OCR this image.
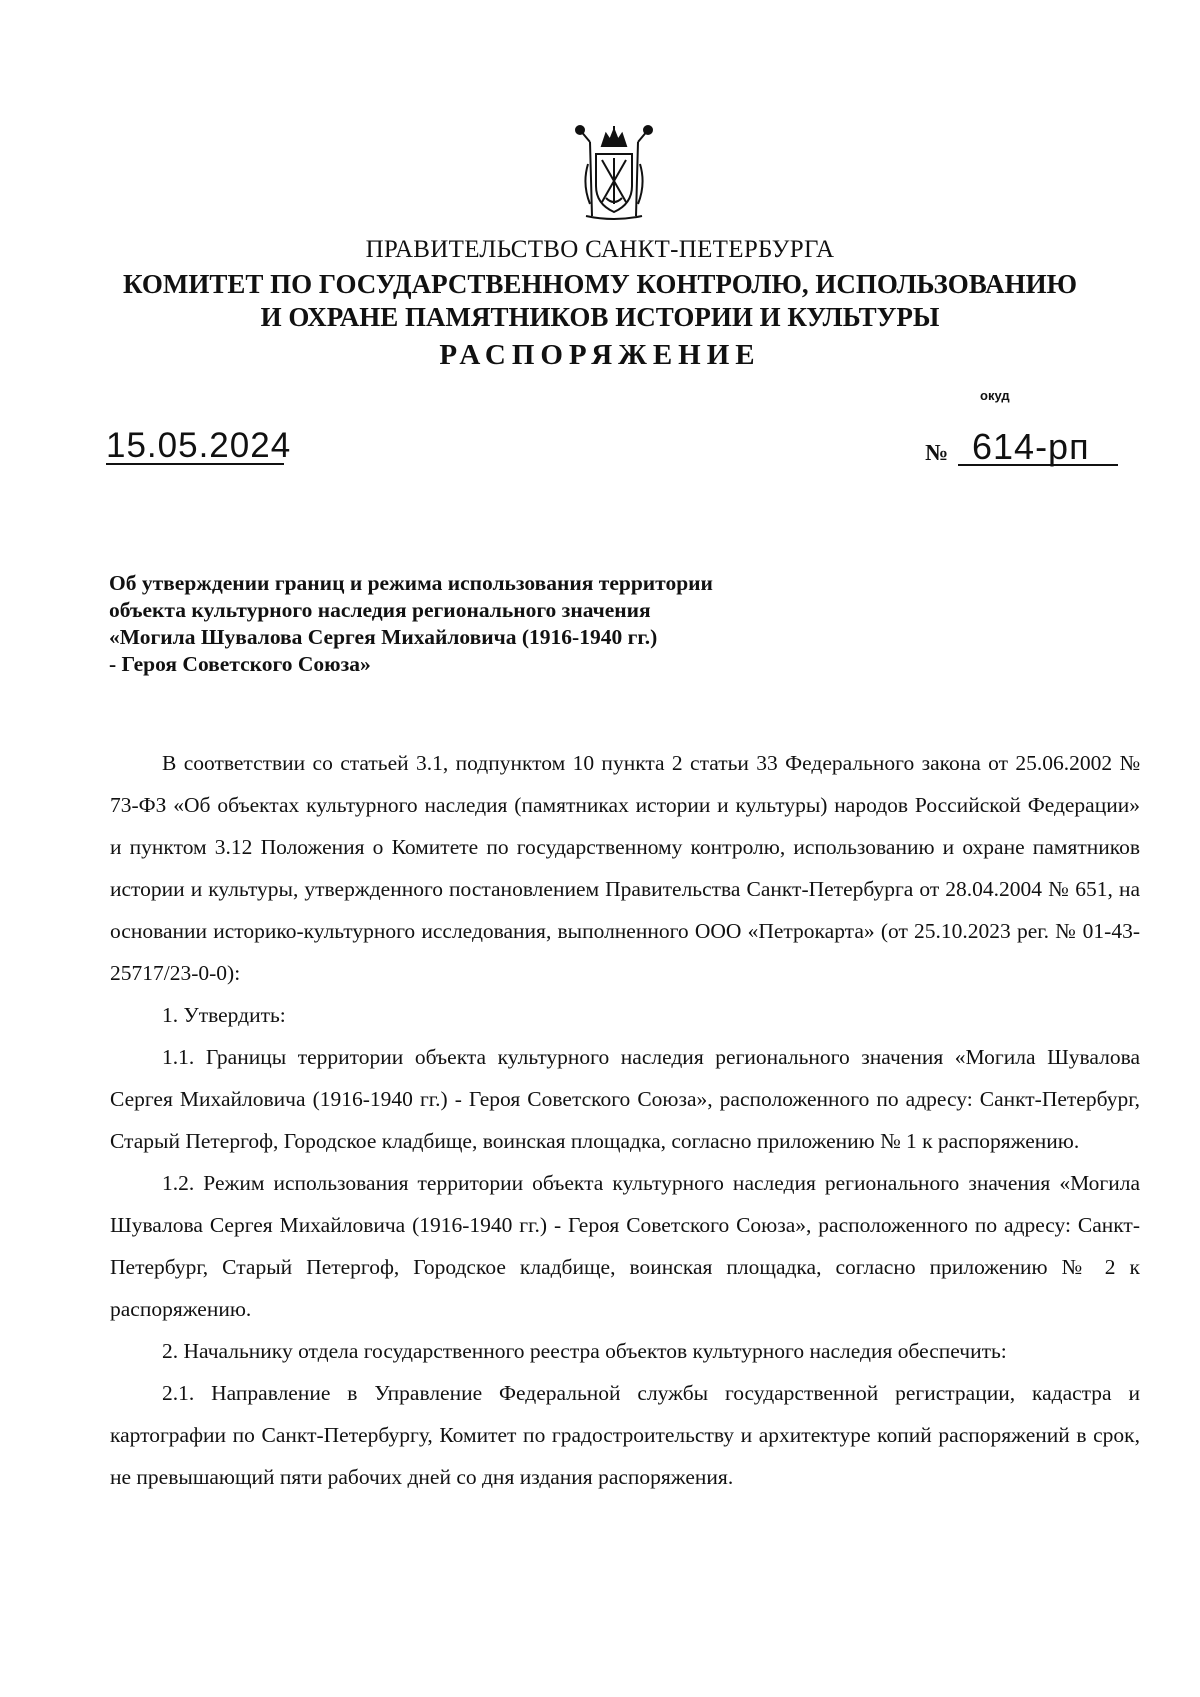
ПРАВИТЕЛЬСТВО САНКТ-ПЕТЕРБУРГА
КОМИТЕТ ПО ГОСУДАРСТВЕННОМУ КОНТРОЛЮ, ИСПОЛЬЗОВАНИЮ
И ОХРАНЕ ПАМЯТНИКОВ ИСТОРИИ И КУЛЬТУРЫ
РАСПОРЯЖЕНИЕ
окуд
15.05.2024	№ 614-рп
Об утверждении границ и режима использования территории
объекта культурного наследия регионального значения
«Могила Шувалова Сергея Михайловича (1916-1940 гг.)
- Героя Советского Союза»

В соответствии со статьей 3.1, подпунктом 10 пункта 2 статьи 33 Федерального закона от 25.06.2002 № 73-ФЗ «Об объектах культурного наследия (памятниках истории и культуры) народов Российской Федерации» и пунктом 3.12 Положения о Комитете по государственному контролю, использованию и охране памятников истории и культуры, утвержденного постановлением Правительства Санкт-Петербурга от 28.04.2004 № 651, на основании историко-культурного исследования, выполненного ООО «Петрокарта» (от 25.10.2023 рег. № 01-43-25717/23-0-0):

1. Утвердить:

1.1. Границы территории объекта культурного наследия регионального значения «Могила Шувалова Сергея Михайловича (1916-1940 гг.) - Героя Советского Союза», расположенного по адресу: Санкт-Петербург, Старый Петергоф, Городское кладбище, воинская площадка, согласно приложению № 1 к распоряжению.

1.2. Режим использования территории объекта культурного наследия регионального значения «Могила Шувалова Сергея Михайловича (1916-1940 гг.) - Героя Советского Союза», расположенного по адресу: Санкт-Петербург, Старый Петергоф, Городское кладбище, воинская площадка, согласно приложению № 2 к распоряжению.

2. Начальнику отдела государственного реестра объектов культурного наследия обеспечить:

2.1. Направление в Управление Федеральной службы государственной регистрации, кадастра и картографии по Санкт-Петербургу, Комитет по градостроительству и архитектуре копий распоряжений в срок, не превышающий пяти рабочих дней со дня издания распоряжения.
